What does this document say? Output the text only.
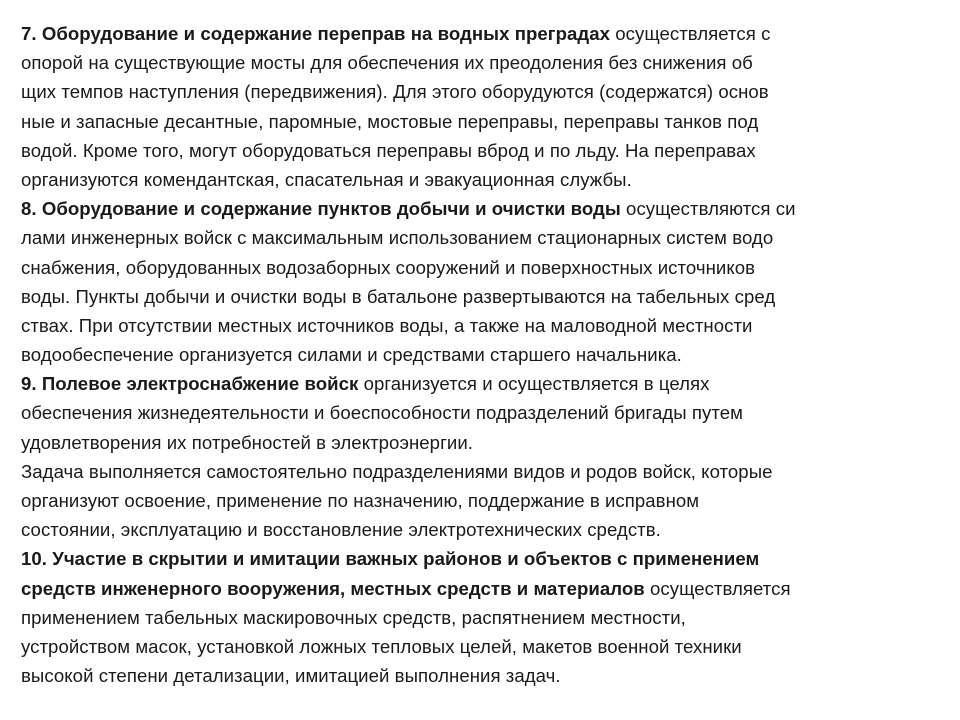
7. Оборудование и содержание переправ на водных преградах осуществляется с
опорой на существующие мосты для обеспечения их преодоления без снижения об
щих темпов наступления (передвижения). Для этого оборудуются (содержатся) основ
ные и запасные десантные, паромные, мостовые переправы, переправы танков под
водой. Кроме того, могут оборудоваться переправы вброд и по льду. На переправах
организуются комендантская, спасательная и эвакуационная службы.
8. Оборудование и содержание пунктов добычи и очистки воды осуществляются си
лами инженерных войск с максимальным использованием стационарных систем водо
снабжения, оборудованных водозаборных сооружений и поверхностных источников
воды. Пункты добычи и очистки воды в батальоне развертываются на табельных сред
ствах. При отсутствии местных источников воды, а также на маловодной местности
водообеспечение организуется силами и средствами старшего начальника.
9. Полевое электроснабжение войск организуется и осуществляется в целях
обеспечения жизнедеятельности и боеспособности подразделений бригады путем
удовлетворения их потребностей в электроэнергии.
Задача выполняется самостоятельно подразделениями видов и родов войск, которые
организуют освоение, применение по назначению, поддержание в исправном
состоянии, эксплуатацию и восстановление электротехнических средств.
10. Участие в скрытии и имитации важных районов и объектов с применением
средств инженерного вооружения, местных средств и материалов осуществляется
применением табельных маскировочных средств, распятнением местности,
устройством масок, установкой ложных тепловых целей, макетов военной техники
высокой степени детализации, имитацией выполнения задач.
